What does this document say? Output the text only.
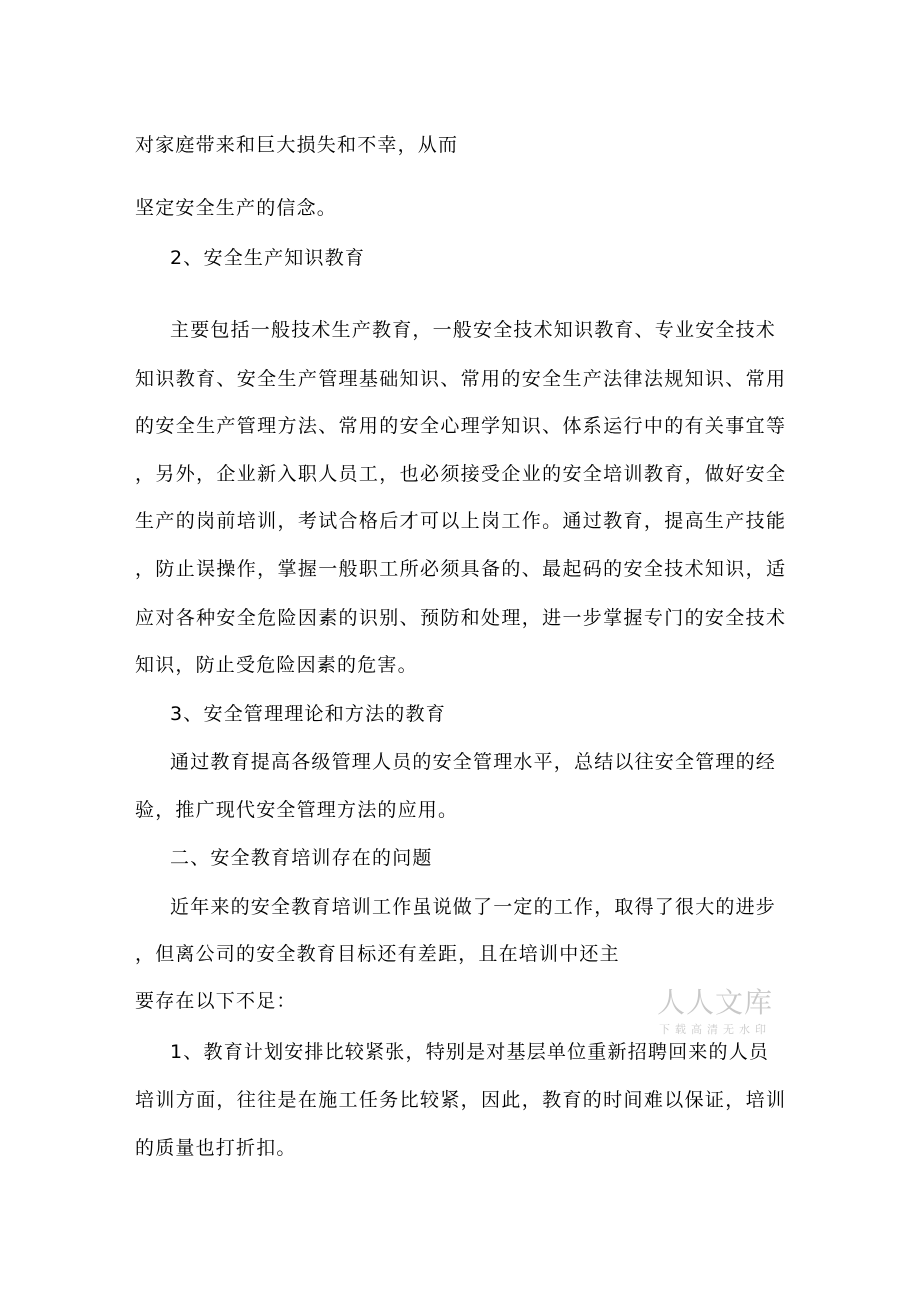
对家庭带来和巨大损失和不幸，从而
坚定安全生产的信念。
2、安全生产知识教育
主要包括一般技术生产教育，一般安全技术知识教育、专业安全技术
知识教育、安全生产管理基础知识、常用的安全生产法律法规知识、常用
的安全生产管理方法、常用的安全心理学知识、体系运行中的有关事宜等
，另外，企业新入职人员工，也必须接受企业的安全培训教育，做好安全
生产的岗前培训，考试合格后才可以上岗工作。通过教育，提高生产技能
，防止误操作，掌握一般职工所必须具备的、最起码的安全技术知识，适
应对各种安全危险因素的识别、预防和处理，进一步掌握专门的安全技术
知识，防止受危险因素的危害。
3、安全管理理论和方法的教育
通过教育提高各级管理人员的安全管理水平，总结以往安全管理的经
验，推广现代安全管理方法的应用。
二、安全教育培训存在的问题
近年来的安全教育培训工作虽说做了一定的工作，取得了很大的进步
，但离公司的安全教育目标还有差距，且在培训中还主
要存在以下不足：
1、教育计划安排比较紧张，特别是对基层单位重新招聘回来的人员
培训方面，往往是在施工任务比较紧，因此，教育的时间难以保证，培训
的质量也打折扣。
人人文库
下载高清无水印
